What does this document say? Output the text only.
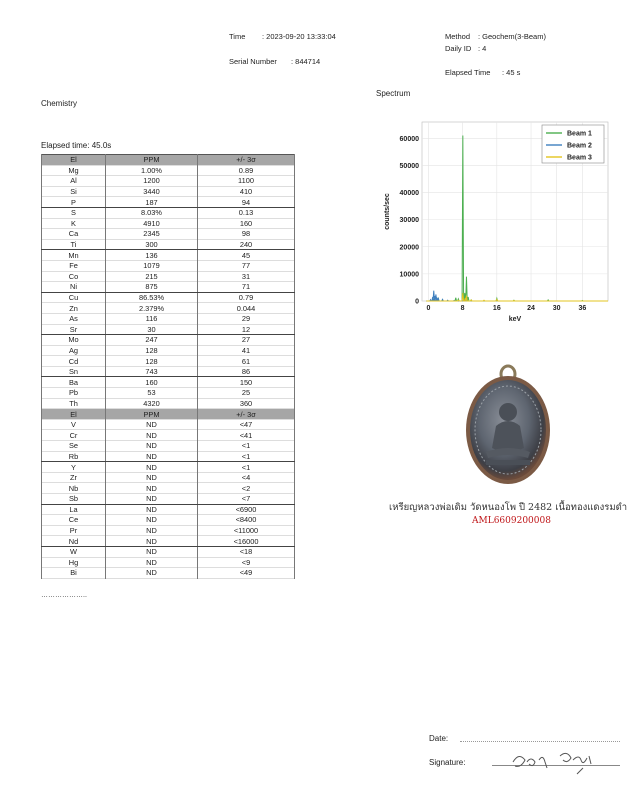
Time : 2023-09-20 13:33:04
Serial Number : 844714
Method : Geochem(3-Beam)
Daily ID : 4
Elapsed Time : 45 s
Chemistry
Spectrum
Elapsed time: 45.0s
El	PPM	+/- 3σ
Mg	1.00%	0.89
Al	1200	1100
Si	3440	410
P	187	94
S	8.03%	0.13
K	4910	160
Ca	2345	98
Ti	300	240
Mn	136	45
Fe	1079	77
Co	215	31
Ni	875	71
Cu	86.53%	0.79
Zn	2.379%	0.044
As	116	29
Sr	30	12
Mo	247	27
Ag	128	41
Cd	128	61
Sn	743	86
Ba	160	150
Pb	53	25
Th	4320	360
El	PPM	+/- 3σ
V	ND	<47
Cr	ND	<41
Se	ND	<1
Rb	ND	<1
Y	ND	<1
Zr	ND	<4
Nb	ND	<2
Sb	ND	<7
La	ND	<6900
Ce	ND	<8400
Pr	ND	<11000
Nd	ND	<16000
W	ND	<18
Hg	ND	<9
Bi	ND	<49
………………..
0	8	16	24	30	36
0
10000
20000
30000
40000
50000
60000
keV
counts/sec
Beam 1
Beam 2
Beam 3
เหรียญหลวงพ่อเดิม วัดหนองโพ ปี 2482 เนื้อทองแดงรมดำ
AML6609200008
Date:
Signature:
